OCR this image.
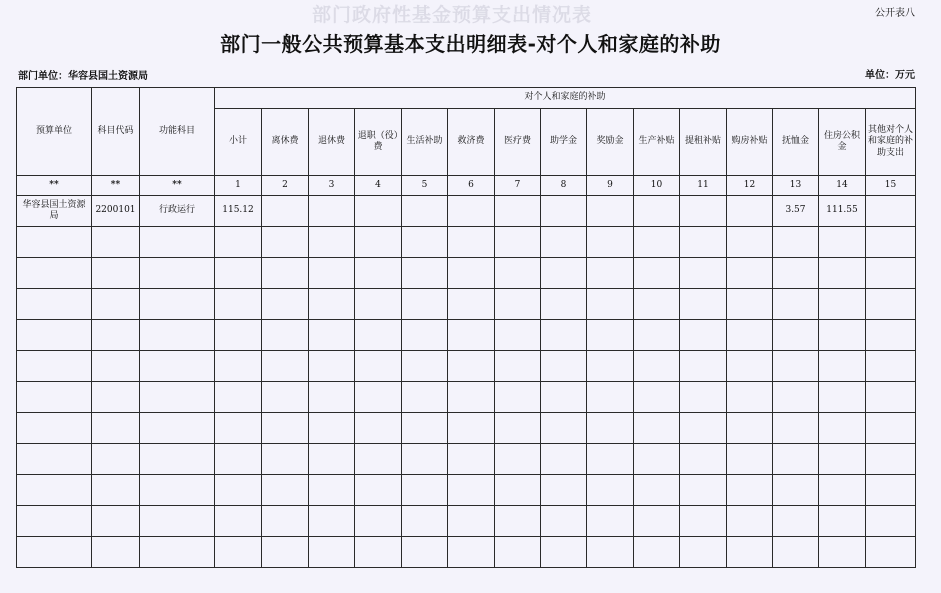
部门政府性基金预算支出情况表	公开表八
部门一般公共预算基本支出明细表-对个人和家庭的补助
部门单位：华容县国土资源局	单位：万元
预算单位	科目代码	功能科目	对个人和家庭的补助														
			小计	离休费	退休费	退职（役）费	生活补助	救济费	医疗费	助学金	奖励金	生产补贴	提租补贴	购房补贴	抚恤金	住房公积金	其他对个人和家庭的补助支出
**	**	**	1	2	3	4	5	6	7	8	9	10	11	12	13	14	15
华容县国土资源局	2200101	行政运行	115.12												3.57	111.55	
